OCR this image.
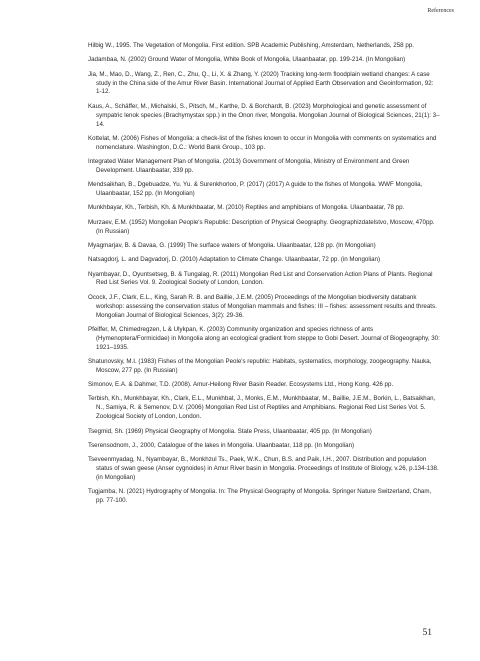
References

Hilbig W., 1995. The Vegetation of Mongolia. First edition. SPB Academic Publishing, Amsterdam, Netherlands, 258 pp.

Jadambaa, N. (2002) Ground Water of Mongolia, White Book of Mongolia, Ulaanbaatar, pp. 199-214. (In Mongolian)

Jia, M., Mao, D., Wang, Z., Ren, C., Zhu, Q., Li, X. & Zhang, Y. (2020) Tracking long-term floodplain wetland changes: A case study in the China side of the Amur River Basin. International Journal of Applied Earth Observation and Geoinformation, 92: 1-12.

Kaus, A., Schäffer, M., Michalski, S., Pitsch, M., Karthe, D. & Borchardt, B. (2023) Morphological and genetic assessment of sympatric lenok species (Brachymystax spp.) in the Onon river, Mongolia. Mongolian Journal of Biological Sciences, 21(1): 3–14.

Kottelat, M. (2006) Fishes of Mongolia: a check-list of the fishes known to occur in Mongolia with comments on systematics and nomenclature. Washington, D.C.: World Bank Group., 103 pp.

Integrated Water Management Plan of Mongolia. (2013) Government of Mongolia, Ministry of Environment and Green Development. Ulaanbaatar, 339 pp.

Mendsaikhan, B., Dgebuadze, Yu. Yu. & Surenkhorloo, P. (2017) (2017) A guide to the fishes of Mongolia. WWF Mongolia, Ulaanbaatar, 152 pp. (In Mongolian)

Munkhbayar, Kh., Terbish, Kh. & Munkhbaatar, M. (2010) Reptiles and amphibians of Mongolia. Ulaanbaatar, 78 pp.

Murzaev, E.M. (1952) Mongolian People's Republic: Description of Physical Geography. Geographizdatelstvo, Moscow, 470pp. (In Russian)

Myagmarjav, B. & Davaa, G. (1999) The surface waters of Mongolia. Ulaanbaatar, 128 pp. (In Mongolian)

Natsagdorj, L. and Dagvadorj, D. (2010) Adaptation to Climate Change. Ulaanbaatar, 72 pp. (in Mongolian)

Nyambayar, D., Oyuntsetseg, B. & Tungalag, R. (2011) Mongolian Red List and Conservation Action Plans of Plants. Regional Red List Series Vol. 9. Zoological Society of London, London.

Ocock, J.F., Clark, E.L., King, Sarah R. B. and Baillie, J.E.M. (2005) Proceedings of the Mongolian biodiversity databank workshop: assessing the conservation status of Mongolian mammals and fishes: III – fishes: assessment results and threats. Mongolian Journal of Biological Sciences, 3(2): 29-36.

Pfeiffer, M, Chimedregzen, L & Ulykpan, K. (2003) Community organization and species richness of ants (Hymenoptera/Formicidae) in Mongolia along an ecological gradient from steppe to Gobi Desert. Journal of Biogeography, 30: 1921–1935.

Shatunovsky, M.I. (1983) Fishes of the Mongolian Peole's republic: Habitats, systematics, morphology, zoogeography. Nauka, Moscow, 277 pp. (In Russian)

Simonov, E.A. & Dahmer, T.D. (2008). Amur-Heilong River Basin Reader. Ecosystems Ltd., Hong Kong. 426 pp.

Terbish, Kh., Munkhbayar, Kh., Clark, E.L., Munkhbat, J., Monks, E.M., Munkhbaatar, M., Baillie, J.E.M., Borkin, L., Batsaikhan, N., Samiya, R. & Semenov, D.V. (2006) Mongolian Red List of Reptiles and Amphibians. Regional Red List Series Vol. 5. Zoological Society of London, London.

Tsegmid, Sh. (1969) Physical Geography of Mongolia. State Press, Ulaanbaatar, 405 pp. (In Mongolian)

Tserensodnom, J., 2000, Catalogue of the lakes in Mongolia. Ulaanbaatar, 118 pp. (In Mongolian)

Tseveenmyadag, N., Nyambayar, B., Monkhzul Ts., Paek, W.K., Chun, B.S. and Paik, I.H., 2007. Distribution and population status of swan geese (Anser cygnoides) in Amur River basin in Mongolia. Proceedings of Institute of Biology, v.26, p.134-138. (in Mongolian)

Tugjamba, N. (2021) Hydrography of Mongolia. In: The Physical Geography of Mongolia. Springer Nature Switzerland, Cham, pp. 77-100.

51
